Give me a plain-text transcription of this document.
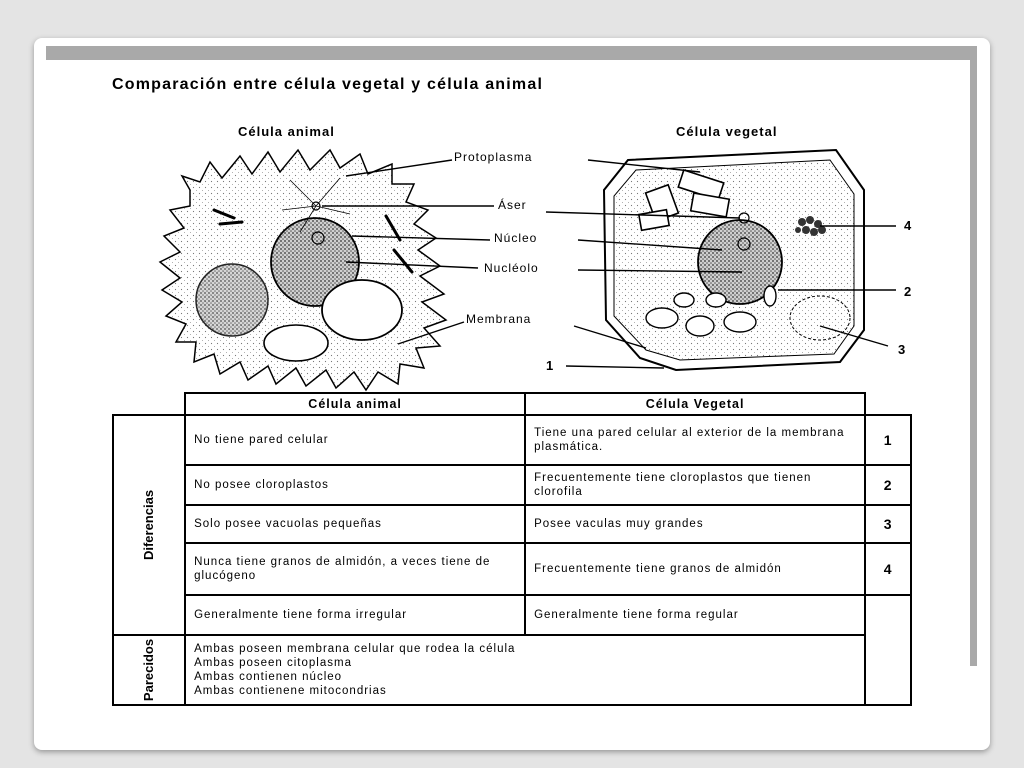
Comparación entre célula vegetal y célula animal
Célula animal	Célula vegetal
Protoplasma
Áser
Núcleo
Nucléolo
Membrana
1
2
3
4
	Célula animal	Célula Vegetal	
Diferencias	No tiene pared celular	Tiene una pared celular al exterior de la membrana plasmática.	1
	No posee cloroplastos	Frecuentemente tiene cloroplastos que tienen clorofila	2
	Solo posee vacuolas pequeñas	Posee vaculas muy grandes	3
	Nunca tiene granos de almidón, a veces tiene de glucógeno	Frecuentemente tiene granos de almidón	4
	Generalmente tiene forma irregular	Generalmente tiene forma regular	
Parecidos	Ambas poseen membrana celular que rodea la célula
Ambas poseen citoplasma
Ambas contienen núcleo
Ambas contienene mitocondrias		
